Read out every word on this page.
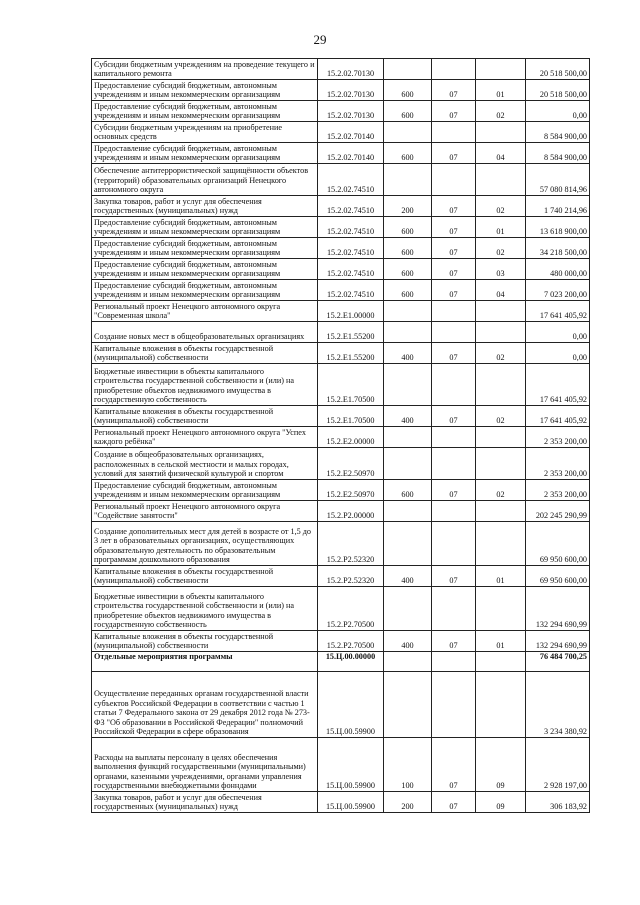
29
Субсидии бюджетным учреждениям на проведение текущего и капитального ремонта	15.2.02.70130				20 518 500,00
Предоставление субсидий бюджетным, автономным учреждениям и иным некоммерческим организациям	15.2.02.70130	600	07	01	20 518 500,00
Предоставление субсидий бюджетным, автономным учреждениям и иным некоммерческим организациям	15.2.02.70130	600	07	02	0,00
Субсидии бюджетным учреждениям на приобретение основных средств	15.2.02.70140				8 584 900,00
Предоставление субсидий бюджетным, автономным учреждениям и иным некоммерческим организациям	15.2.02.70140	600	07	04	8 584 900,00
Обеспечение антитеррористической защищённости объектов (территорий) образовательных организаций Ненецкого автономного округа	15.2.02.74510				57 080 814,96
Закупка товаров, работ и услуг для обеспечения государственных (муниципальных) нужд	15.2.02.74510	200	07	02	1 740 214,96
Предоставление субсидий бюджетным, автономным учреждениям и иным некоммерческим организациям	15.2.02.74510	600	07	01	13 618 900,00
Предоставление субсидий бюджетным, автономным учреждениям и иным некоммерческим организациям	15.2.02.74510	600	07	02	34 218 500,00
Предоставление субсидий бюджетным, автономным учреждениям и иным некоммерческим организациям	15.2.02.74510	600	07	03	480 000,00
Предоставление субсидий бюджетным, автономным учреждениям и иным некоммерческим организациям	15.2.02.74510	600	07	04	7 023 200,00
Региональный проект Ненецкого автономного округа "Современная школа"	15.2.Е1.00000				17 641 405,92
Создание новых мест в общеобразовательных организациях	15.2.Е1.55200				0,00
Капитальные вложения в объекты государственной (муниципальной) собственности	15.2.Е1.55200	400	07	02	0,00
Бюджетные инвестиции в объекты капитального строительства государственной собственности и (или) на приобретение объектов недвижимого имущества в государственную собственность	15.2.Е1.70500				17 641 405,92
Капитальные вложения в объекты государственной (муниципальной) собственности	15.2.Е1.70500	400	07	02	17 641 405,92
Региональный проект Ненецкого автономного округа "Успех каждого ребёнка"	15.2.Е2.00000				2 353 200,00
Создание в общеобразовательных организациях, расположенных в сельской местности и малых городах, условий для занятий физической культурой и спортом	15.2.Е2.50970				2 353 200,00
Предоставление субсидий бюджетным, автономным учреждениям и иным некоммерческим организациям	15.2.Е2.50970	600	07	02	2 353 200,00
Региональный проект Ненецкого автономного округа "Содействие занятости"	15.2.Р2.00000				202 245 290,99
Создание дополнительных мест для детей в возрасте от 1,5 до 3 лет в образовательных организациях, осуществляющих образовательную деятельность по образовательным программам дошкольного образования	15.2.Р2.52320				69 950 600,00
Капитальные вложения в объекты государственной (муниципальной) собственности	15.2.Р2.52320	400	07	01	69 950 600,00
Бюджетные инвестиции в объекты капитального строительства государственной собственности и (или) на приобретение объектов недвижимого имущества в государственную собственность	15.2.Р2.70500				132 294 690,99
Капитальные вложения в объекты государственной (муниципальной) собственности	15.2.Р2.70500	400	07	01	132 294 690,99
Отдельные мероприятия программы	15.Ц.00.00000				76 484 700,25
Осуществление переданных органам государственной власти субъектов Российской Федерации в соответствии с частью 1 статьи 7 Федерального закона от 29 декабря 2012 года № 273-ФЗ "Об образовании в Российской Федерации" полномочий Российской Федерации в сфере образования	15.Ц.00.59900				3 234 380,92
Расходы на выплаты персоналу в целях обеспечения выполнения функций государственными (муниципальными) органами, казенными учреждениями, органами управления государственными внебюджетными фонндами	15.Ц.00.59900	100	07	09	2 928 197,00
Закупка товаров, работ и услуг для обеспечения государственных (муниципальных) нужд	15.Ц.00.59900	200	07	09	306 183,92
